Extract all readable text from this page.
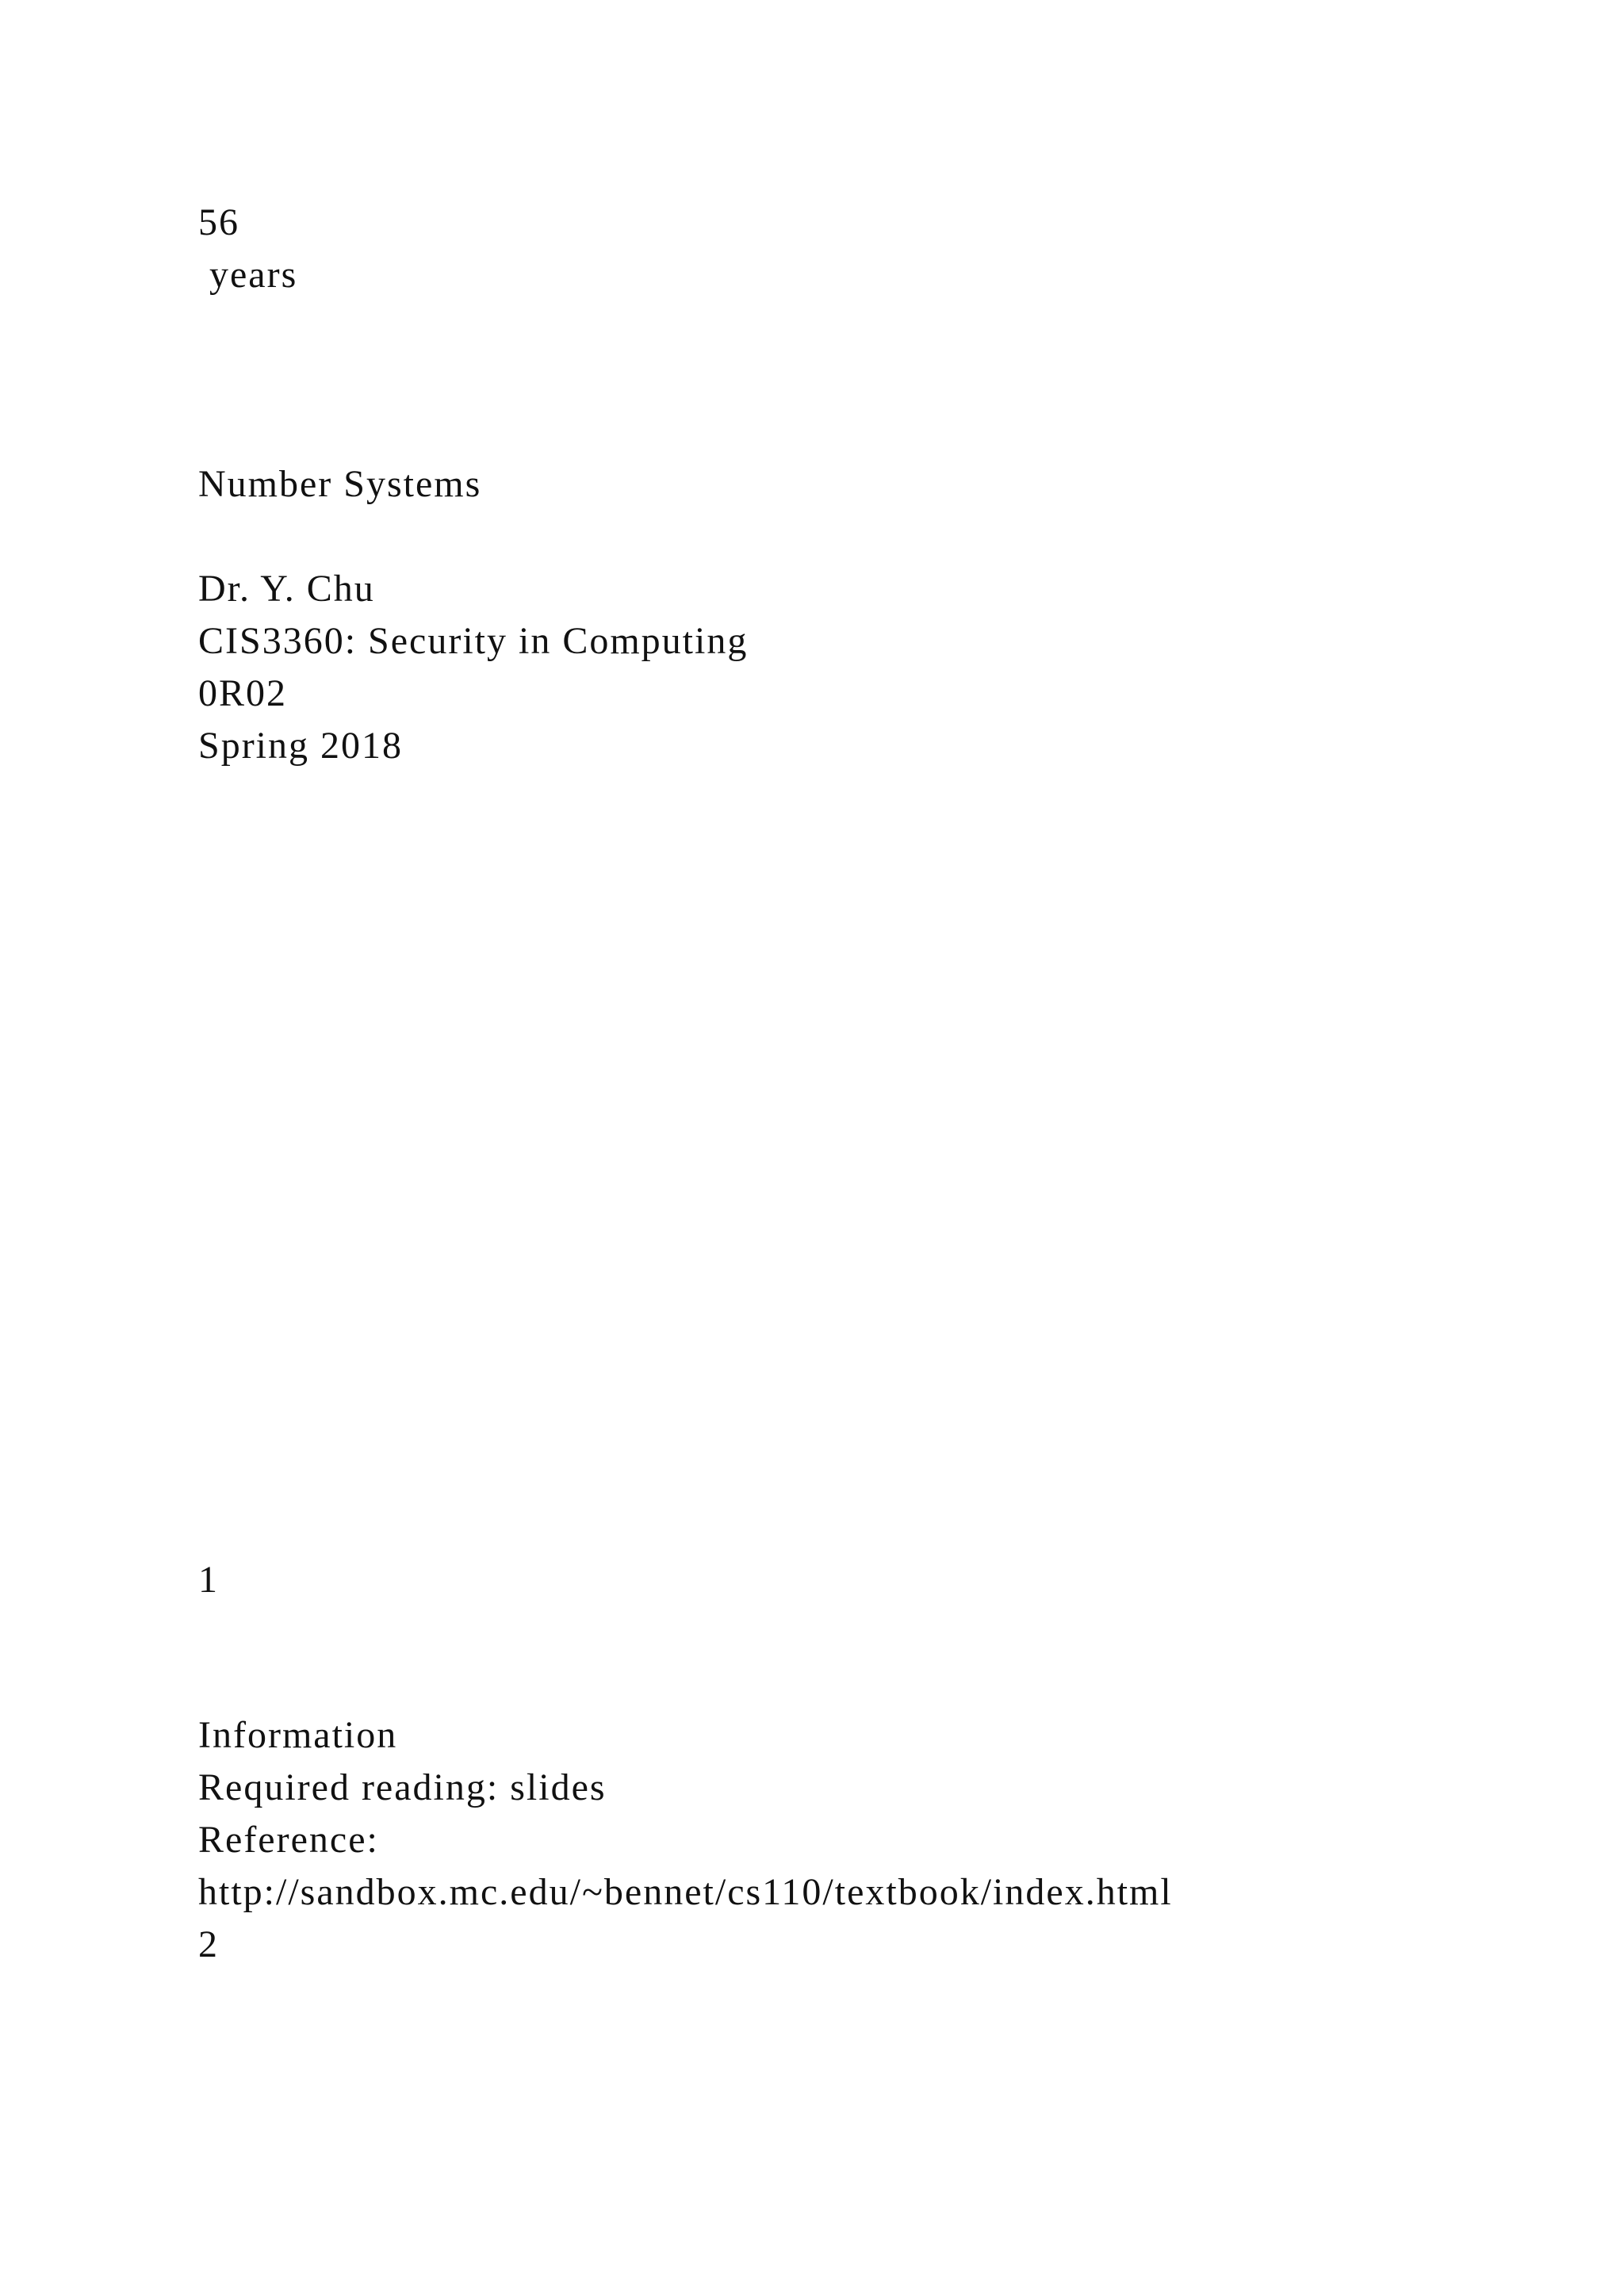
56

years

Number Systems

Dr. Y. Chu

CIS3360: Security in Computing

0R02

Spring 2018

1

Information

Required reading: slides

Reference:

http://sandbox.mc.edu/~bennet/cs110/textbook/index.html

2
